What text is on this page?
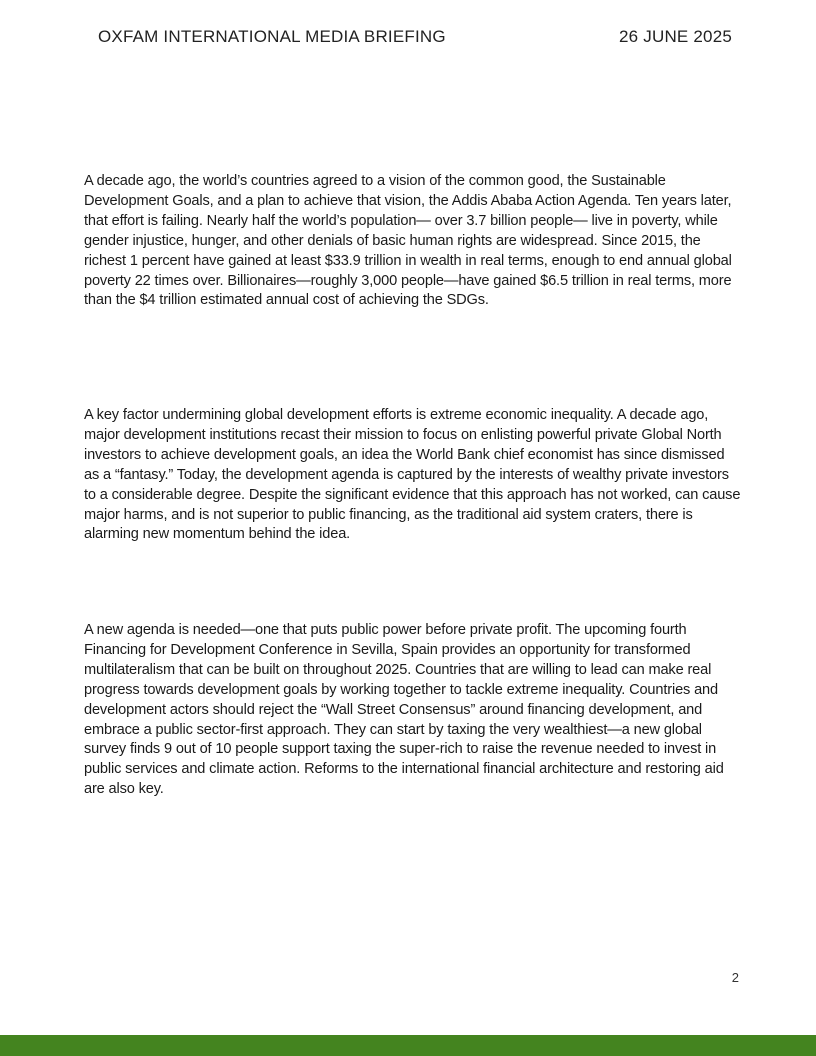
OXFAM INTERNATIONAL MEDIA BRIEFING	26 JUNE 2025

A decade ago, the world’s countries agreed to a vision of the common good, the Sustainable Development Goals, and a plan to achieve that vision, the Addis Ababa Action Agenda. Ten years later, that effort is failing. Nearly half the world’s population— over 3.7 billion people— live in poverty, while gender injustice, hunger, and other denials of basic human rights are widespread. Since 2015, the richest 1 percent have gained at least $33.9 trillion in wealth in real terms, enough to end annual global poverty 22 times over. Billionaires—roughly 3,000 people—have gained $6.5 trillion in real terms, more than the $4 trillion estimated annual cost of achieving the SDGs.

A key factor undermining global development efforts is extreme economic inequality. A decade ago, major development institutions recast their mission to focus on enlisting powerful private Global North investors to achieve development goals, an idea the World Bank chief economist has since dismissed as a “fantasy.” Today, the development agenda is captured by the interests of wealthy private investors to a considerable degree. Despite the significant evidence that this approach has not worked, can cause major harms, and is not superior to public financing, as the traditional aid system craters, there is alarming new momentum behind the idea.

A new agenda is needed—one that puts public power before private profit. The upcoming fourth Financing for Development Conference in Sevilla, Spain provides an opportunity for transformed multilateralism that can be built on throughout 2025. Countries that are willing to lead can make real progress towards development goals by working together to tackle extreme inequality. Countries and development actors should reject the “Wall Street Consensus” around financing development, and embrace a public sector-first approach. They can start by taxing the very wealthiest—a new global survey finds 9 out of 10 people support taxing the super-rich to raise the revenue needed to invest in public services and climate action. Reforms to the international financial architecture and restoring aid are also key.

2
